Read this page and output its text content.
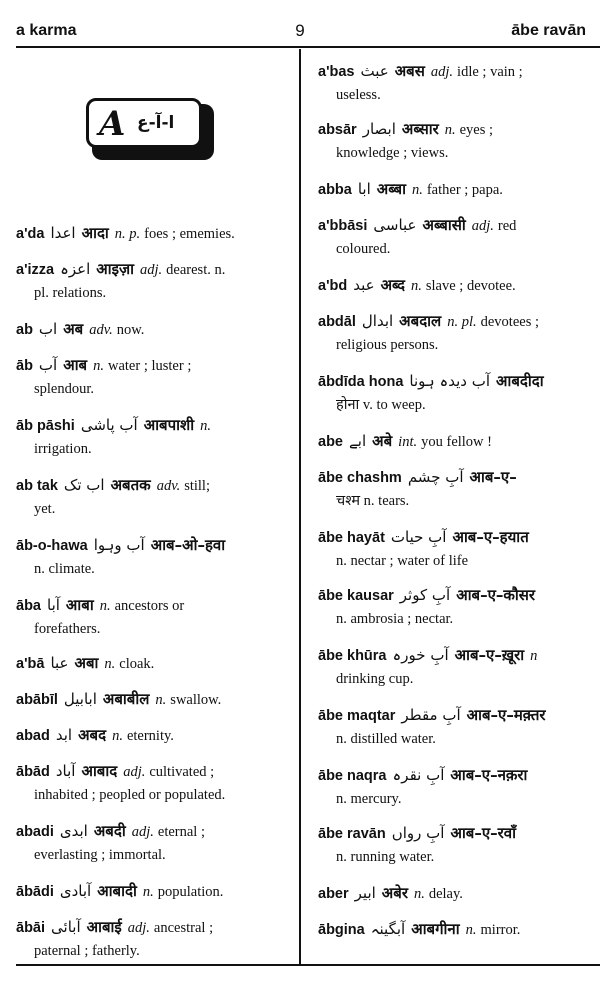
a karma	9	ābe ravān
A ا-آ-ع
a'da اعدا आदा n. p. foes ; ememies.
a'izza اعزہ आइज़ा adj. dearest. n.
pl. relations.
ab اب अब adv. now.
āb آب आब n. water ; luster ;
splendour.
āb pāshi آب پاشی आबपाशी n.
irrigation.
ab tak اب تک अबतक adv. still;
yet.
āb-o-hawa آب وہوا आब–ओ–हवा
n. climate.
āba آبا आबा n. ancestors or
forefathers.
a'bā عبا अबा n. cloak.
abābīl ابابیل अबाबील n. swallow.
abad ابد अबद n. eternity.
ābād آباد आबाद adj. cultivated ;
inhabited ; peopled or populated.
abadi ابدی अबदी adj. eternal ;
everlasting ; immortal.
ābādi آبادی आबादी n. population.
ābāi آبائی आबाई adj. ancestral ;
paternal ; fatherly.
a'bas عبث अबस adj. idle ; vain ;
useless.
absār ابصار अब्सार n. eyes ;
knowledge ; views.
abba ابا अब्बा n. father ; papa.
a'bbāsi عباسی अब्बासी adj. red
coloured.
a'bd عبد अब्द n. slave ; devotee.
abdāl ابدال अबदाल n. pl. devotees ;
religious persons.
ābdīda hona آب دیدہ ہونا आबदीदा
होना v. to weep.
abe ابے अबे int. you fellow !
ābe chashm آبِ چشم आब–ए–
चश्म n. tears.
ābe hayāt آبِ حیات आब–ए–हयात
n. nectar ; water of life
ābe kausar آبِ کوثر आब–ए–कौसर
n. ambrosia ; nectar.
ābe khūra آبِ خورہ आब–ए–ख़ूरा n
drinking cup.
ābe maqtar آبِ مقطر आब–ए–मक़्तर
n. distilled water.
ābe naqra آبِ نقرہ आब–ए–नक़रा
n. mercury.
ābe ravān آبِ رواں आब–ए–रवाँ
n. running water.
aber ابیر अबेर n. delay.
ābgina آبگینہ आबगीना n. mirror.
